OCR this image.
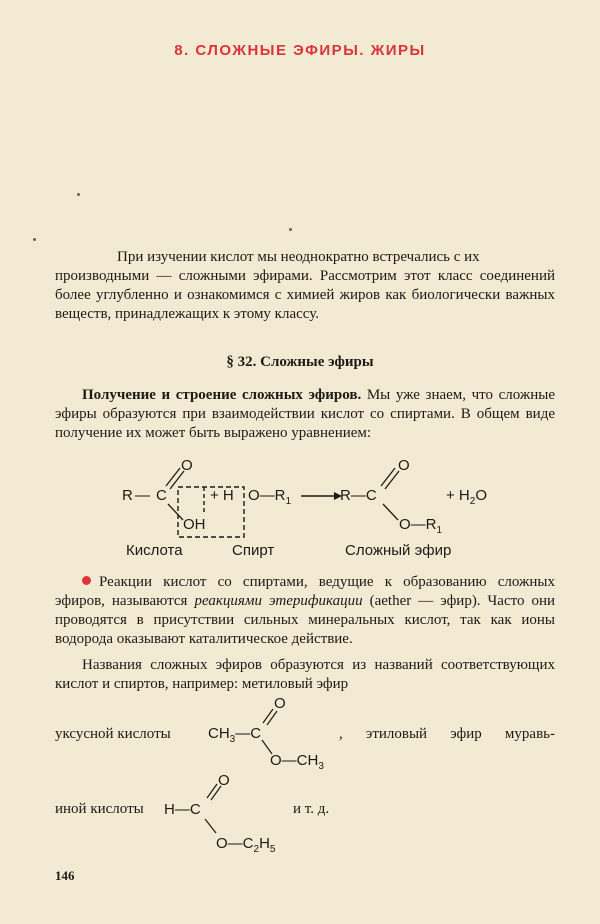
8. СЛОЖНЫЕ ЭФИРЫ. ЖИРЫ
При изучении кислот мы неоднократно встречались с их
производными — сложными эфирами. Рассмотрим этот класс соединений более углубленно и ознакомимся с химией жиров как биологически важных веществ, принадлежащих к этому классу.
§ 32. Сложные эфиры
Получение и строение сложных эфиров. Мы уже знаем, что сложные эфиры образуются при взаимодействии кислот со спиртами. В общем виде получение их может быть выражено уравнением:
O
R — C
OH
+ H $O—R_1$
O
R—C
$O—R_1$
+ $H_2O$
Кислота	Спирт	Сложный эфир
Реакции кислот со спиртами, ведущие к образованию сложных эфиров, называются реакциями этерификации (aether — эфир). Часто они проводятся в присутствии сильных минеральных кислот, так как ионы водорода оказывают каталитическое действие.
Названия сложных эфиров образуются из названий соответствующих кислот и спиртов, например: метиловый эфир
уксусной кислоты $CH_3—C$
O
$O—CH_3$
, этиловый эфир муравь-
иной кислоты H—C
O
$O—C_2H_5$
и т. д.
146
